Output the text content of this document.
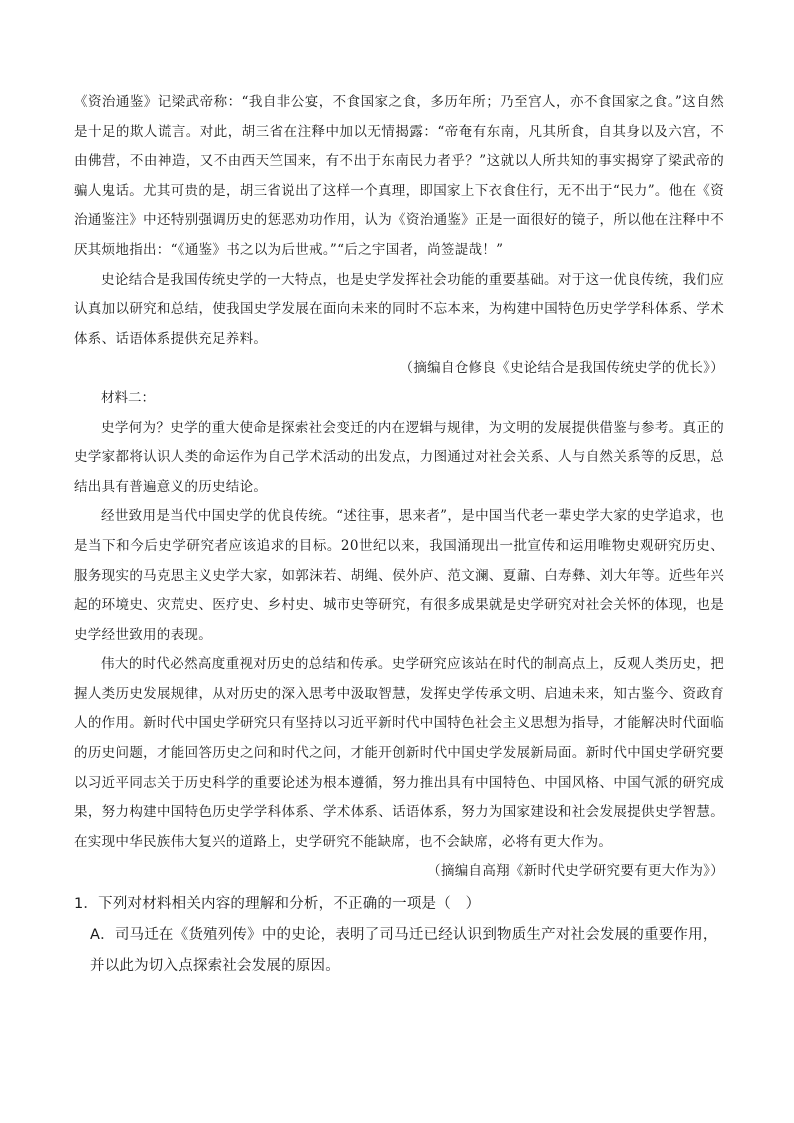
《资治通鉴》记梁武帝称：“我自非公宴，不食国家之食，多历年所；乃至宫人，亦不食国家之食。”这自然是十足的欺人谎言。对此，胡三省在注释中加以无情揭露：“帝奄有东南，凡其所食，自其身以及六宫，不由佛营，不由神造，又不由西天竺国来，有不出于东南民力者乎？”这就以人所共知的事实揭穿了梁武帝的骗人鬼话。尤其可贵的是，胡三省说出了这样一个真理，即国家上下衣食住行，无不出于“民力”。他在《资治通鉴注》中还特别强调历史的惩恶劝功作用，认为《资治通鉴》正是一面很好的镜子，所以他在注释中不厌其烦地指出：“《通鉴》书之以为后世戒。”“后之宇国者，尚签諟哉！”

史论结合是我国传统史学的一大特点，也是史学发挥社会功能的重要基础。对于这一优良传统，我们应认真加以研究和总结，使我国史学发展在面向未来的同时不忘本来，为构建中国特色历史学学科体系、学术体系、话语体系提供充足养料。

（摘编自仓修良《史论结合是我国传统史学的优长》）

材料二：

史学何为？史学的重大使命是探索社会变迁的内在逻辑与规律，为文明的发展提供借鉴与参考。真正的史学家都将认识人类的命运作为自己学术活动的出发点，力图通过对社会关系、人与自然关系等的反思，总结出具有普遍意义的历史结论。

经世致用是当代中国史学的优良传统。“述往事，思来者”，是中国当代老一辈史学大家的史学追求，也是当下和今后史学研究者应该追求的目标。20世纪以来，我国涌现出一批宣传和运用唯物史观研究历史、服务现实的马克思主义史学大家，如郭沫若、胡绳、侯外庐、范文澜、夏鼐、白寿彝、刘大年等。近些年兴起的环境史、灾荒史、医疗史、乡村史、城市史等研究，有很多成果就是史学研究对社会关怀的体现，也是史学经世致用的表现。

伟大的时代必然高度重视对历史的总结和传承。史学研究应该站在时代的制高点上，反观人类历史，把握人类历史发展规律，从对历史的深入思考中汲取智慧，发挥史学传承文明、启迪未来，知古鉴今、资政育人的作用。新时代中国史学研究只有坚持以习近平新时代中国特色社会主义思想为指导，才能解决时代面临的历史问题，才能回答历史之问和时代之问，才能开创新时代中国史学发展新局面。新时代中国史学研究要以习近平同志关于历史科学的重要论述为根本遵循，努力推出具有中国特色、中国风格、中国气派的研究成果，努力构建中国特色历史学学科体系、学术体系、话语体系，努力为国家建设和社会发展提供史学智慧。在实现中华民族伟大复兴的道路上，史学研究不能缺席，也不会缺席，必将有更大作为。

（摘编自高翔《新时代史学研究要有更大作为》）

1．下列对材料相关内容的理解和分析，不正确的一项是（　）

A．司马迁在《货殖列传》中的史论，表明了司马迁已经认识到物质生产对社会发展的重要作用，并以此为切入点探索社会发展的原因。
